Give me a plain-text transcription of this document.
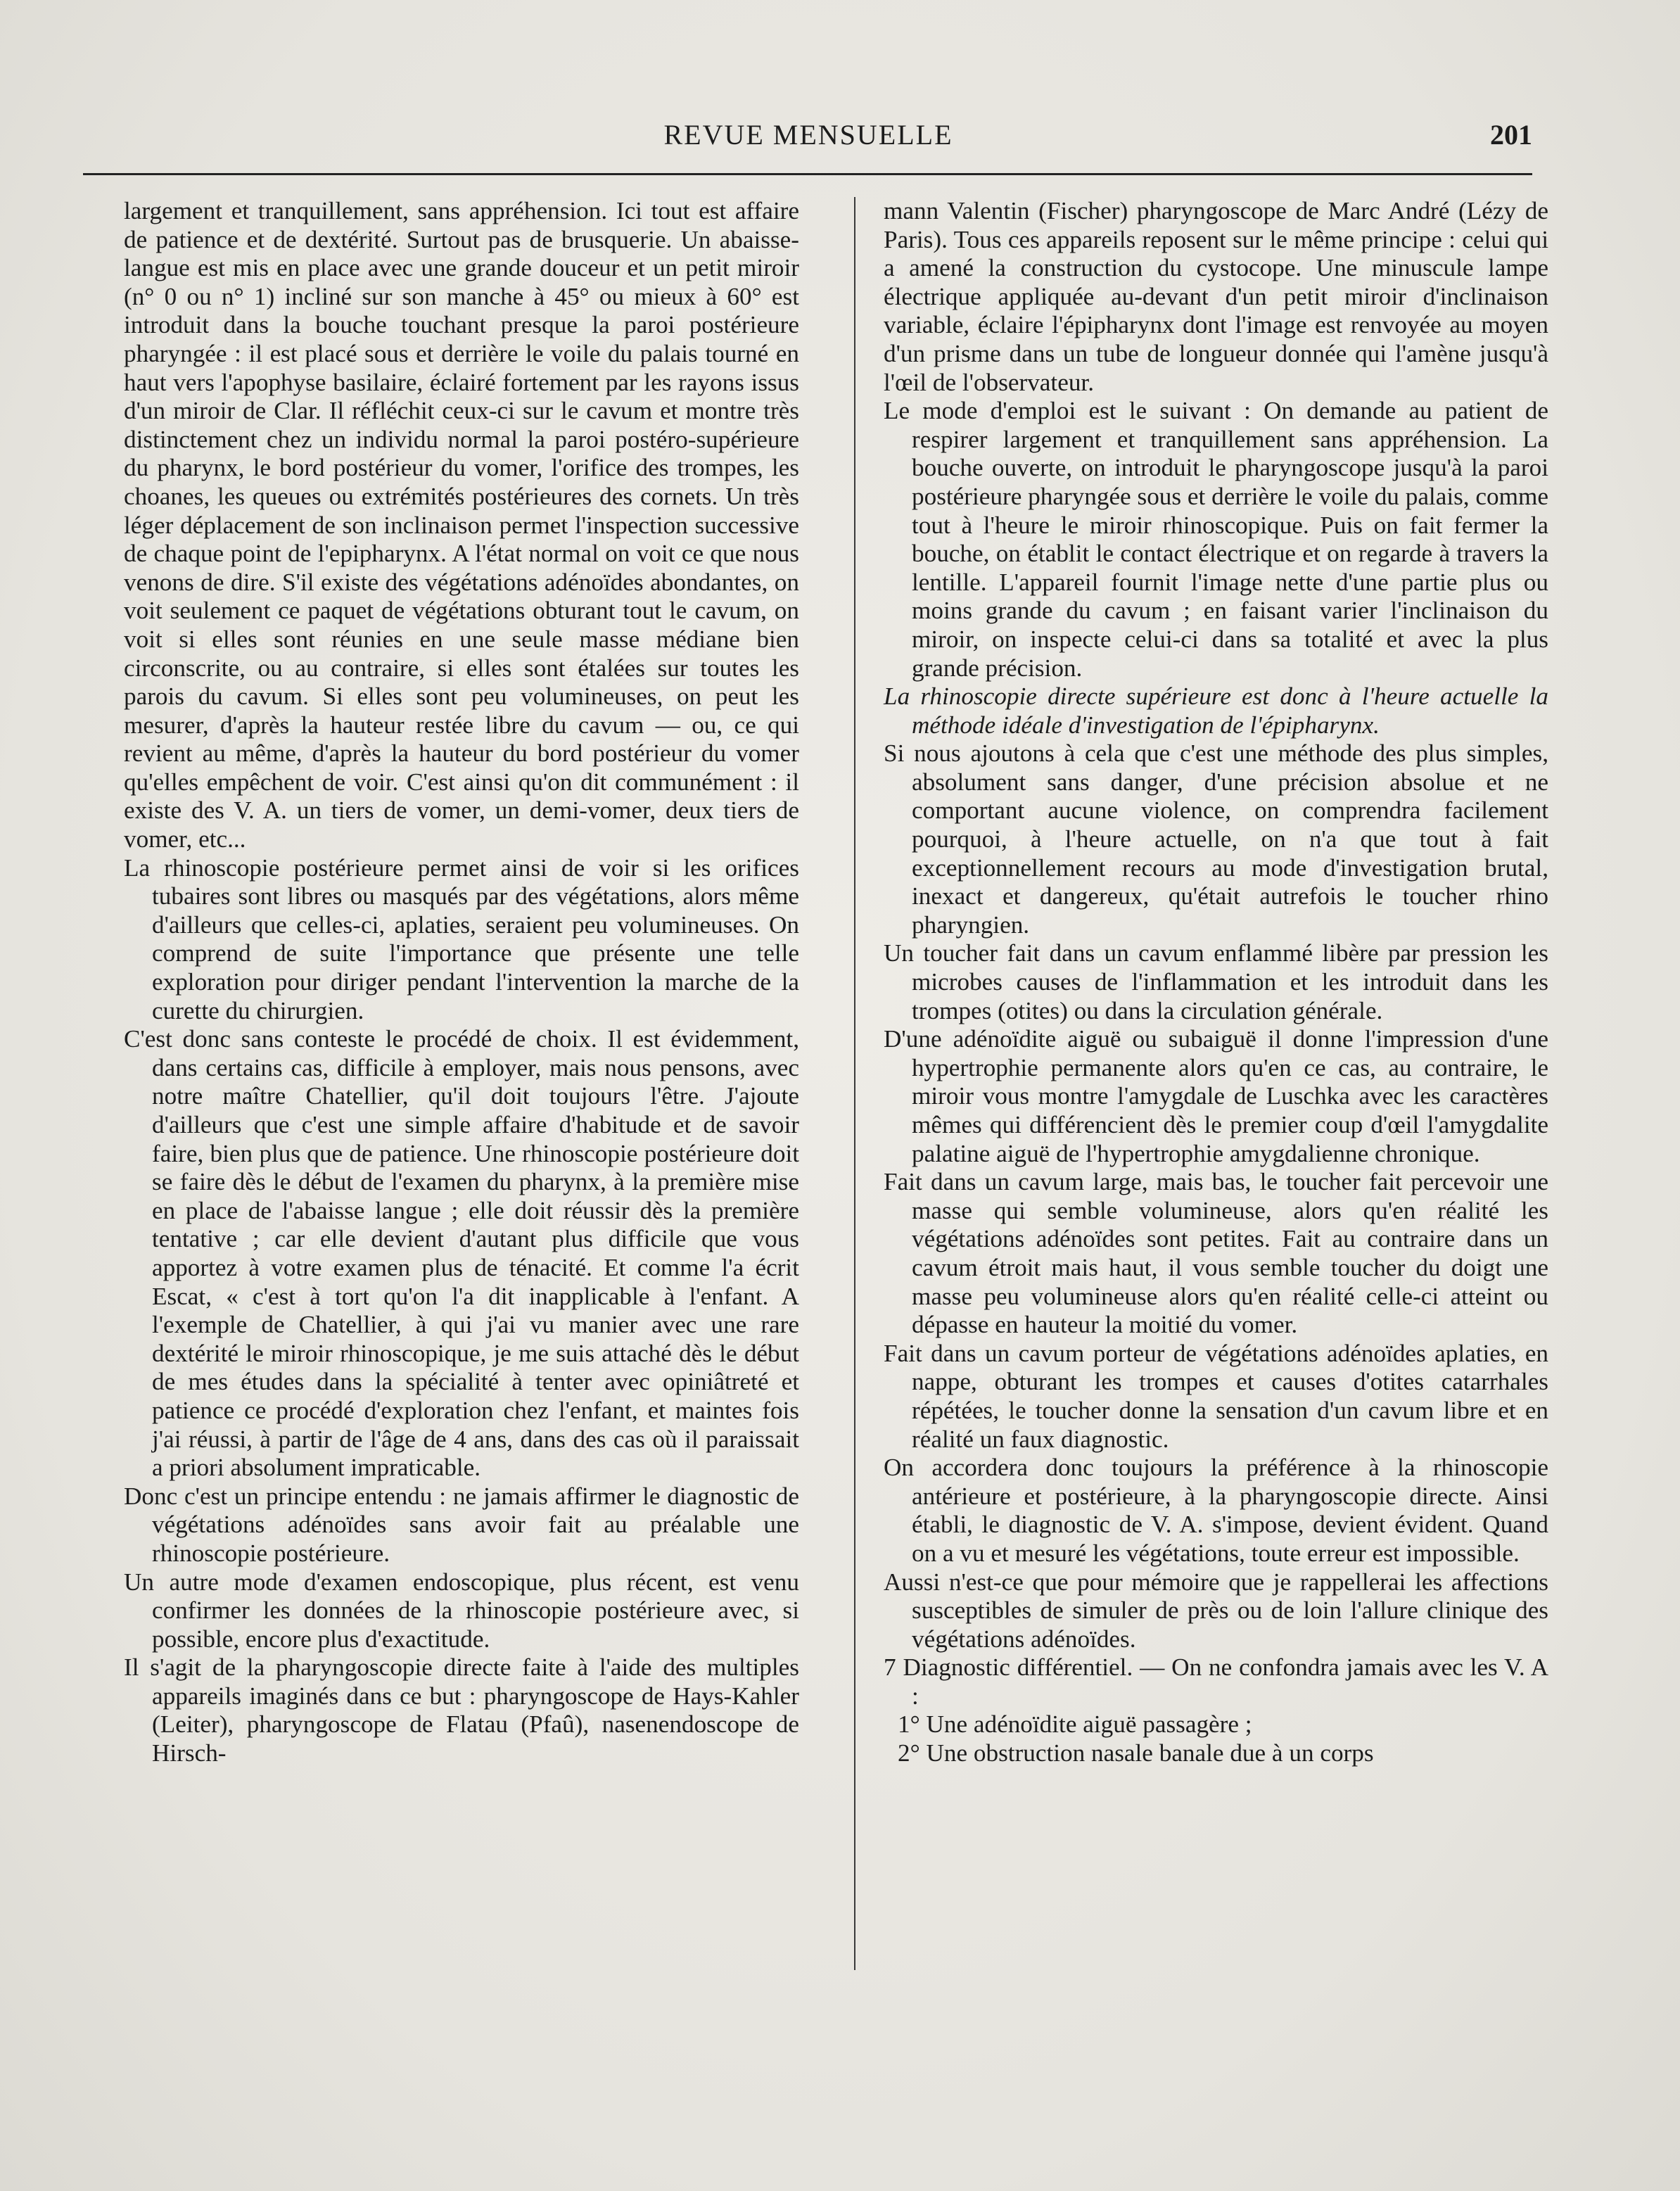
REVUE MENSUELLE	201

largement et tranquillement, sans appréhension. Ici tout est affaire de patience et de dextérité. Surtout pas de brusquerie. Un abaisse-langue est mis en place avec une grande douceur et un petit miroir (n° 0 ou n° 1) incliné sur son manche à 45° ou mieux à 60° est introduit dans la bouche touchant presque la paroi postérieure pharyngée : il est placé sous et derrière le voile du palais tourné en haut vers l'apophyse basilaire, éclairé fortement par les rayons issus d'un miroir de Clar. Il réfléchit ceux-ci sur le cavum et montre très distinctement chez un individu normal la paroi postéro-supérieure du pharynx, le bord postérieur du vomer, l'orifice des trompes, les choanes, les queues ou extrémités postérieures des cornets. Un très léger déplacement de son inclinaison permet l'inspection successive de chaque point de l'epipharynx. A l'état normal on voit ce que nous venons de dire. S'il existe des végétations adénoïdes abondantes, on voit seulement ce paquet de végétations obturant tout le cavum, on voit si elles sont réunies en une seule masse médiane bien circonscrite, ou au contraire, si elles sont étalées sur toutes les parois du cavum. Si elles sont peu volumineuses, on peut les mesurer, d'après la hauteur restée libre du cavum — ou, ce qui revient au même, d'après la hauteur du bord postérieur du vomer qu'elles empêchent de voir. C'est ainsi qu'on dit communément : il existe des V. A. un tiers de vomer, un demi-vomer, deux tiers de vomer, etc...

La rhinoscopie postérieure permet ainsi de voir si les orifices tubaires sont libres ou masqués par des végétations, alors même d'ailleurs que celles-ci, aplaties, seraient peu volumineuses. On comprend de suite l'importance que présente une telle exploration pour diriger pendant l'intervention la marche de la curette du chirurgien.

C'est donc sans conteste le procédé de choix. Il est évidemment, dans certains cas, difficile à employer, mais nous pensons, avec notre maître Chatellier, qu'il doit toujours l'être. J'ajoute d'ailleurs que c'est une simple affaire d'habitude et de savoir faire, bien plus que de patience. Une rhinoscopie postérieure doit se faire dès le début de l'examen du pharynx, à la première mise en place de l'abaisse langue ; elle doit réussir dès la première tentative ; car elle devient d'autant plus difficile que vous apportez à votre examen plus de ténacité. Et comme l'a écrit Escat, « c'est à tort qu'on l'a dit inapplicable à l'enfant. A l'exemple de Chatellier, à qui j'ai vu manier avec une rare dextérité le miroir rhinoscopique, je me suis attaché dès le début de mes études dans la spécialité à tenter avec opiniâtreté et patience ce procédé d'exploration chez l'enfant, et maintes fois j'ai réussi, à partir de l'âge de 4 ans, dans des cas où il paraissait a priori absolument impraticable.

Donc c'est un principe entendu : ne jamais affirmer le diagnostic de végétations adénoïdes sans avoir fait au préalable une rhinoscopie postérieure.

Un autre mode d'examen endoscopique, plus récent, est venu confirmer les données de la rhinoscopie postérieure avec, si possible, encore plus d'exactitude.

Il s'agit de la pharyngoscopie directe faite à l'aide des multiples appareils imaginés dans ce but : pharyngoscope de Hays-Kahler (Leiter), pharyngoscope de Flatau (Pfaû), nasenendoscope de Hirsch-

mann Valentin (Fischer) pharyngoscope de Marc André (Lézy de Paris). Tous ces appareils reposent sur le même principe : celui qui a amené la construction du cystocope. Une minuscule lampe électrique appliquée au-devant d'un petit miroir d'inclinaison variable, éclaire l'épipharynx dont l'image est renvoyée au moyen d'un prisme dans un tube de longueur donnée qui l'amène jusqu'à l'œil de l'observateur.

Le mode d'emploi est le suivant : On demande au patient de respirer largement et tranquillement sans appréhension. La bouche ouverte, on introduit le pharyngoscope jusqu'à la paroi postérieure pharyngée sous et derrière le voile du palais, comme tout à l'heure le miroir rhinoscopique. Puis on fait fermer la bouche, on établit le contact électrique et on regarde à travers la lentille. L'appareil fournit l'image nette d'une partie plus ou moins grande du cavum ; en faisant varier l'inclinaison du miroir, on inspecte celui-ci dans sa totalité et avec la plus grande précision.

La rhinoscopie directe supérieure est donc à l'heure actuelle la méthode idéale d'investigation de l'épipharynx.

Si nous ajoutons à cela que c'est une méthode des plus simples, absolument sans danger, d'une précision absolue et ne comportant aucune violence, on comprendra facilement pourquoi, à l'heure actuelle, on n'a que tout à fait exceptionnellement recours au mode d'investigation brutal, inexact et dangereux, qu'était autrefois le toucher rhino pharyngien.

Un toucher fait dans un cavum enflammé libère par pression les microbes causes de l'inflammation et les introduit dans les trompes (otites) ou dans la circulation générale.

D'une adénoïdite aiguë ou subaiguë il donne l'impression d'une hypertrophie permanente alors qu'en ce cas, au contraire, le miroir vous montre l'amygdale de Luschka avec les caractères mêmes qui différencient dès le premier coup d'œil l'amygdalite palatine aiguë de l'hypertrophie amygdalienne chronique.

Fait dans un cavum large, mais bas, le toucher fait percevoir une masse qui semble volumineuse, alors qu'en réalité les végétations adénoïdes sont petites. Fait au contraire dans un cavum étroit mais haut, il vous semble toucher du doigt une masse peu volumineuse alors qu'en réalité celle-ci atteint ou dépasse en hauteur la moitié du vomer.

Fait dans un cavum porteur de végétations adénoïdes aplaties, en nappe, obturant les trompes et causes d'otites catarrhales répétées, le toucher donne la sensation d'un cavum libre et en réalité un faux diagnostic.

On accordera donc toujours la préférence à la rhinoscopie antérieure et postérieure, à la pharyngoscopie directe. Ainsi établi, le diagnostic de V. A. s'impose, devient évident. Quand on a vu et mesuré les végétations, toute erreur est impossible.

Aussi n'est-ce que pour mémoire que je rappellerai les affections susceptibles de simuler de près ou de loin l'allure clinique des végétations adénoïdes.

7 Diagnostic différentiel. — On ne confondra jamais avec les V. A :

1° Une adénoïdite aiguë passagère ;

2° Une obstruction nasale banale due à un corps
